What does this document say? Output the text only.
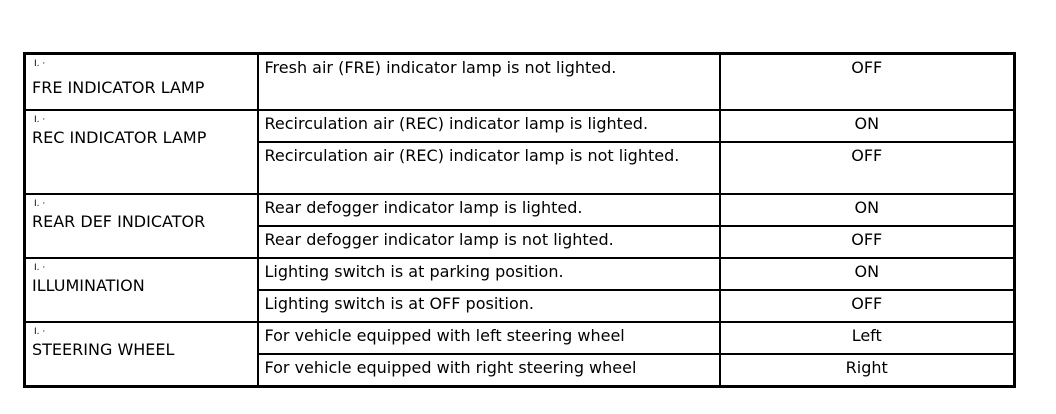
I. ·
FRE INDICATOR LAMP	Fresh air (FRE) indicator lamp is not lighted.	OFF

I. ·
REC INDICATOR LAMP	Recirculation air (REC) indicator lamp is lighted.	ON
	Recirculation air (REC) indicator lamp is not lighted.	OFF

I. ·
REAR DEF INDICATOR	Rear defogger indicator lamp is lighted.	ON
	Rear defogger indicator lamp is not lighted.	OFF

I. ·
ILLUMINATION	Lighting switch is at parking position.	ON
	Lighting switch is at OFF position.	OFF

I. ·
STEERING WHEEL	For vehicle equipped with left steering wheel	Left
	For vehicle equipped with right steering wheel	Right
